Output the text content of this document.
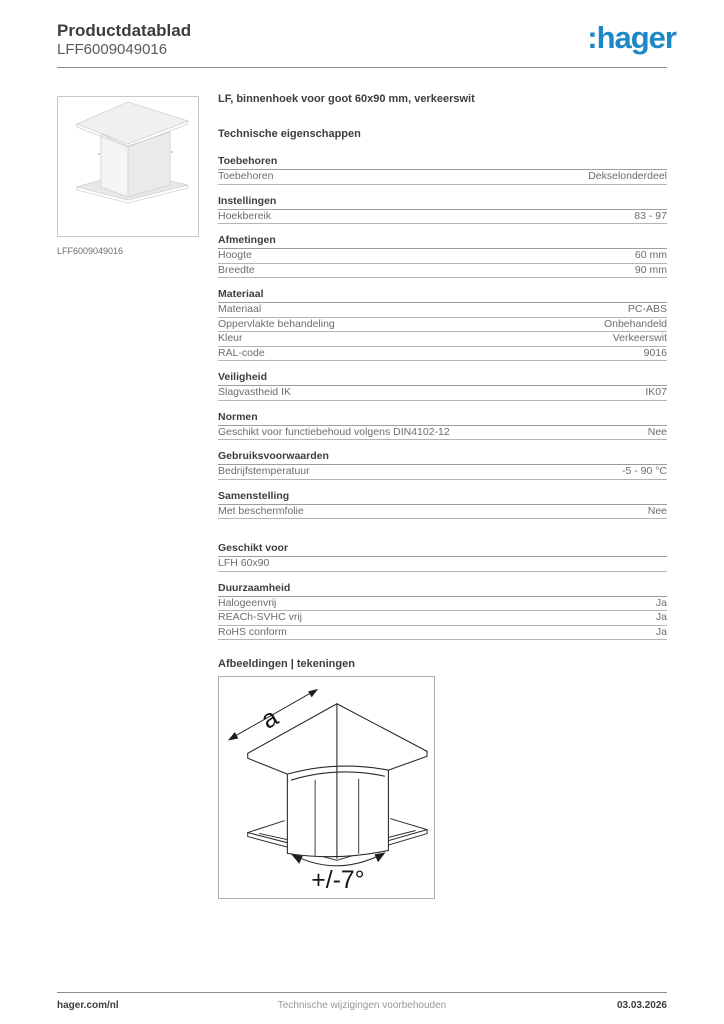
Productdatablad
LFF6009049016	:hager
LFF6009049016
LF, binnenhoek voor goot 60x90 mm, verkeerswit
Technische eigenschappen
Toebehoren
Toebehoren	Dekselonderdeel
Instellingen
Hoekbereik	83 - 97
Afmetingen
Hoogte	60 mm
Breedte	90 mm
Materiaal
Materiaal	PC-ABS
Oppervlakte behandeling	Onbehandeld
Kleur	Verkeerswit
RAL-code	9016
Veiligheid
Slagvastheid IK	IK07
Normen
Geschikt voor functiebehoud volgens DIN4102-12	Nee
Gebruiksvoorwaarden
Bedrijfstemperatuur	-5 - 90 °C
Samenstelling
Met beschermfolie	Nee
Geschikt voor
LFH 60x90
Duurzaamheid
Halogeenvrij	Ja
REACh-SVHC vrij	Ja
RoHS conform	Ja
Afbeeldingen | tekeningen
a
+/-7°
hager.com/nl	Technische wijzigingen voorbehouden	03.03.2026
